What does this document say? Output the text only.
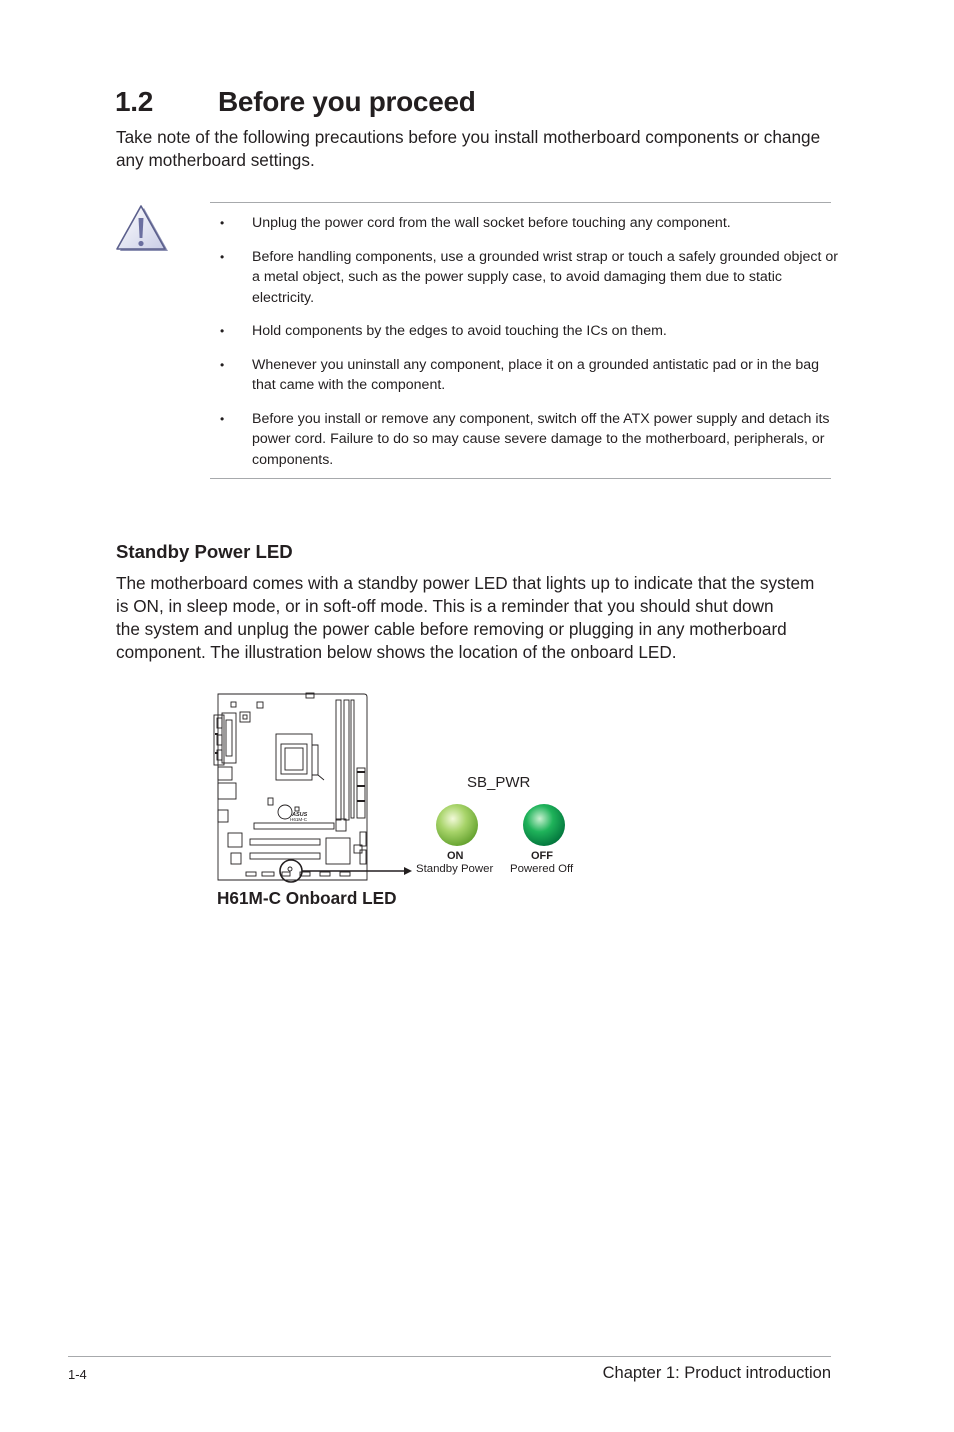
1.2 Before you proceed
Take note of the following precautions before you install motherboard components or change any motherboard settings.
• Unplug the power cord from the wall socket before touching any component.
• Before handling components, use a grounded wrist strap or touch a safely grounded object or a metal object, such as the power supply case, to avoid damaging them due to static electricity.
• Hold components by the edges to avoid touching the ICs on them.
• Whenever you uninstall any component, place it on a grounded antistatic pad or in the bag that came with the component.
• Before you install or remove any component, switch off the ATX power supply and detach its power cord. Failure to do so may cause severe damage to the motherboard, peripherals, or components.
Standby Power LED
The motherboard comes with a standby power LED that lights up to indicate that the system
is ON, in sleep mode, or in soft-off mode. This is a reminder that you should shut down
the system and unplug the power cable before removing or plugging in any motherboard
component. The illustration below shows the location of the onboard LED.
ASUS
H61M-C
SB_PWR
ON
Standby Power
OFF
Powered Off
H61M-C Onboard LED
1-4	Chapter 1: Product introduction
